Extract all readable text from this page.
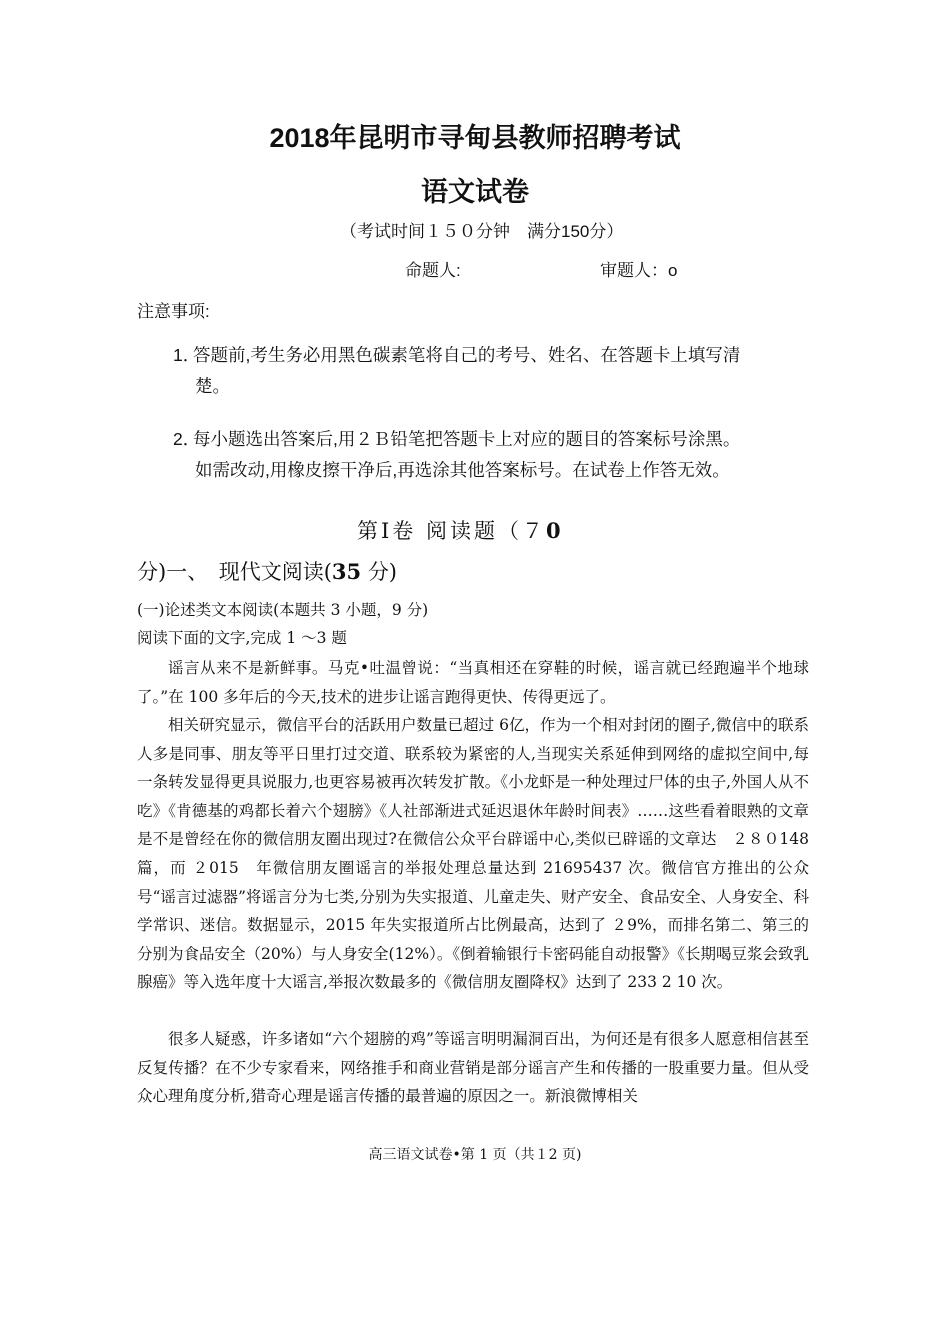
2018年昆明市寻甸县教师招聘考试
语文试卷
（考试时间１５０分钟　满分150分）
命题人:	审题人：ο
注意事项:
1．答题前,考生务必用黑色碳素笔将自己的考号、姓名、在答题卡上填写清
楚。
2．每小题选出答案后,用２Ｂ铅笔把答题卡上对应的题目的答案标号涂黑。
如需改动,用橡皮擦干净后,再选涂其他答案标号。在试卷上作答无效。
第Ⅰ卷 阅读题（７0
分)一、　现代文阅读(35 分)
(一)论述类文本阅读(本题共 3 小题，9 分)
阅读下面的文字,完成 1 ～3 题
谣言从来不是新鲜事。马克•吐温曾说：“当真相还在穿鞋的时候，谣言就已经跑遍半个地球了。”在 100 多年后的今天,技术的进步让谣言跑得更快、传得更远了。
相关研究显示，微信平台的活跃用户数量已超过 6亿，作为一个相对封闭的圈子,微信中的联系人多是同事、朋友等平日里打过交道、联系较为紧密的人,当现实关系延伸到网络的虚拟空间中,每一条转发显得更具说服力,也更容易被再次转发扩散。《小龙虾是一种处理过尸体的虫子,外国人从不吃》《肯德基的鸡都长着六个翅膀》《人社部渐进式延迟退休年龄时间表》……这些看着眼熟的文章是不是曾经在你的微信朋友圈出现过?在微信公众平台辟谣中心,类似已辟谣的文章达　２８０148　篇，而 ２015　年微信朋友圈谣言的举报处理总量达到 21695437 次。微信官方推出的公众号“谣言过滤器”将谣言分为七类,分别为失实报道、儿童走失、财产安全、食品安全、人身安全、科学常识、迷信。数据显示，2015 年失实报道所占比例最高，达到了 ２9%，而排名第二、第三的分别为食品安全（20%）与人身安全(12%）。《倒着输银行卡密码能自动报警》《长期喝豆浆会致乳腺癌》等入选年度十大谣言,举报次数最多的《微信朋友圈降权》达到了 233 2 10 次。
很多人疑惑，许多诸如“六个翅膀的鸡”等谣言明明漏洞百出，为何还是有很多人愿意相信甚至反复传播？在不少专家看来，网络推手和商业营销是部分谣言产生和传播的一股重要力量。但从受众心理角度分析,猎奇心理是谣言传播的最普遍的原因之一。新浪微博相关
高三语文试卷•第 1 页（共１2 页)
